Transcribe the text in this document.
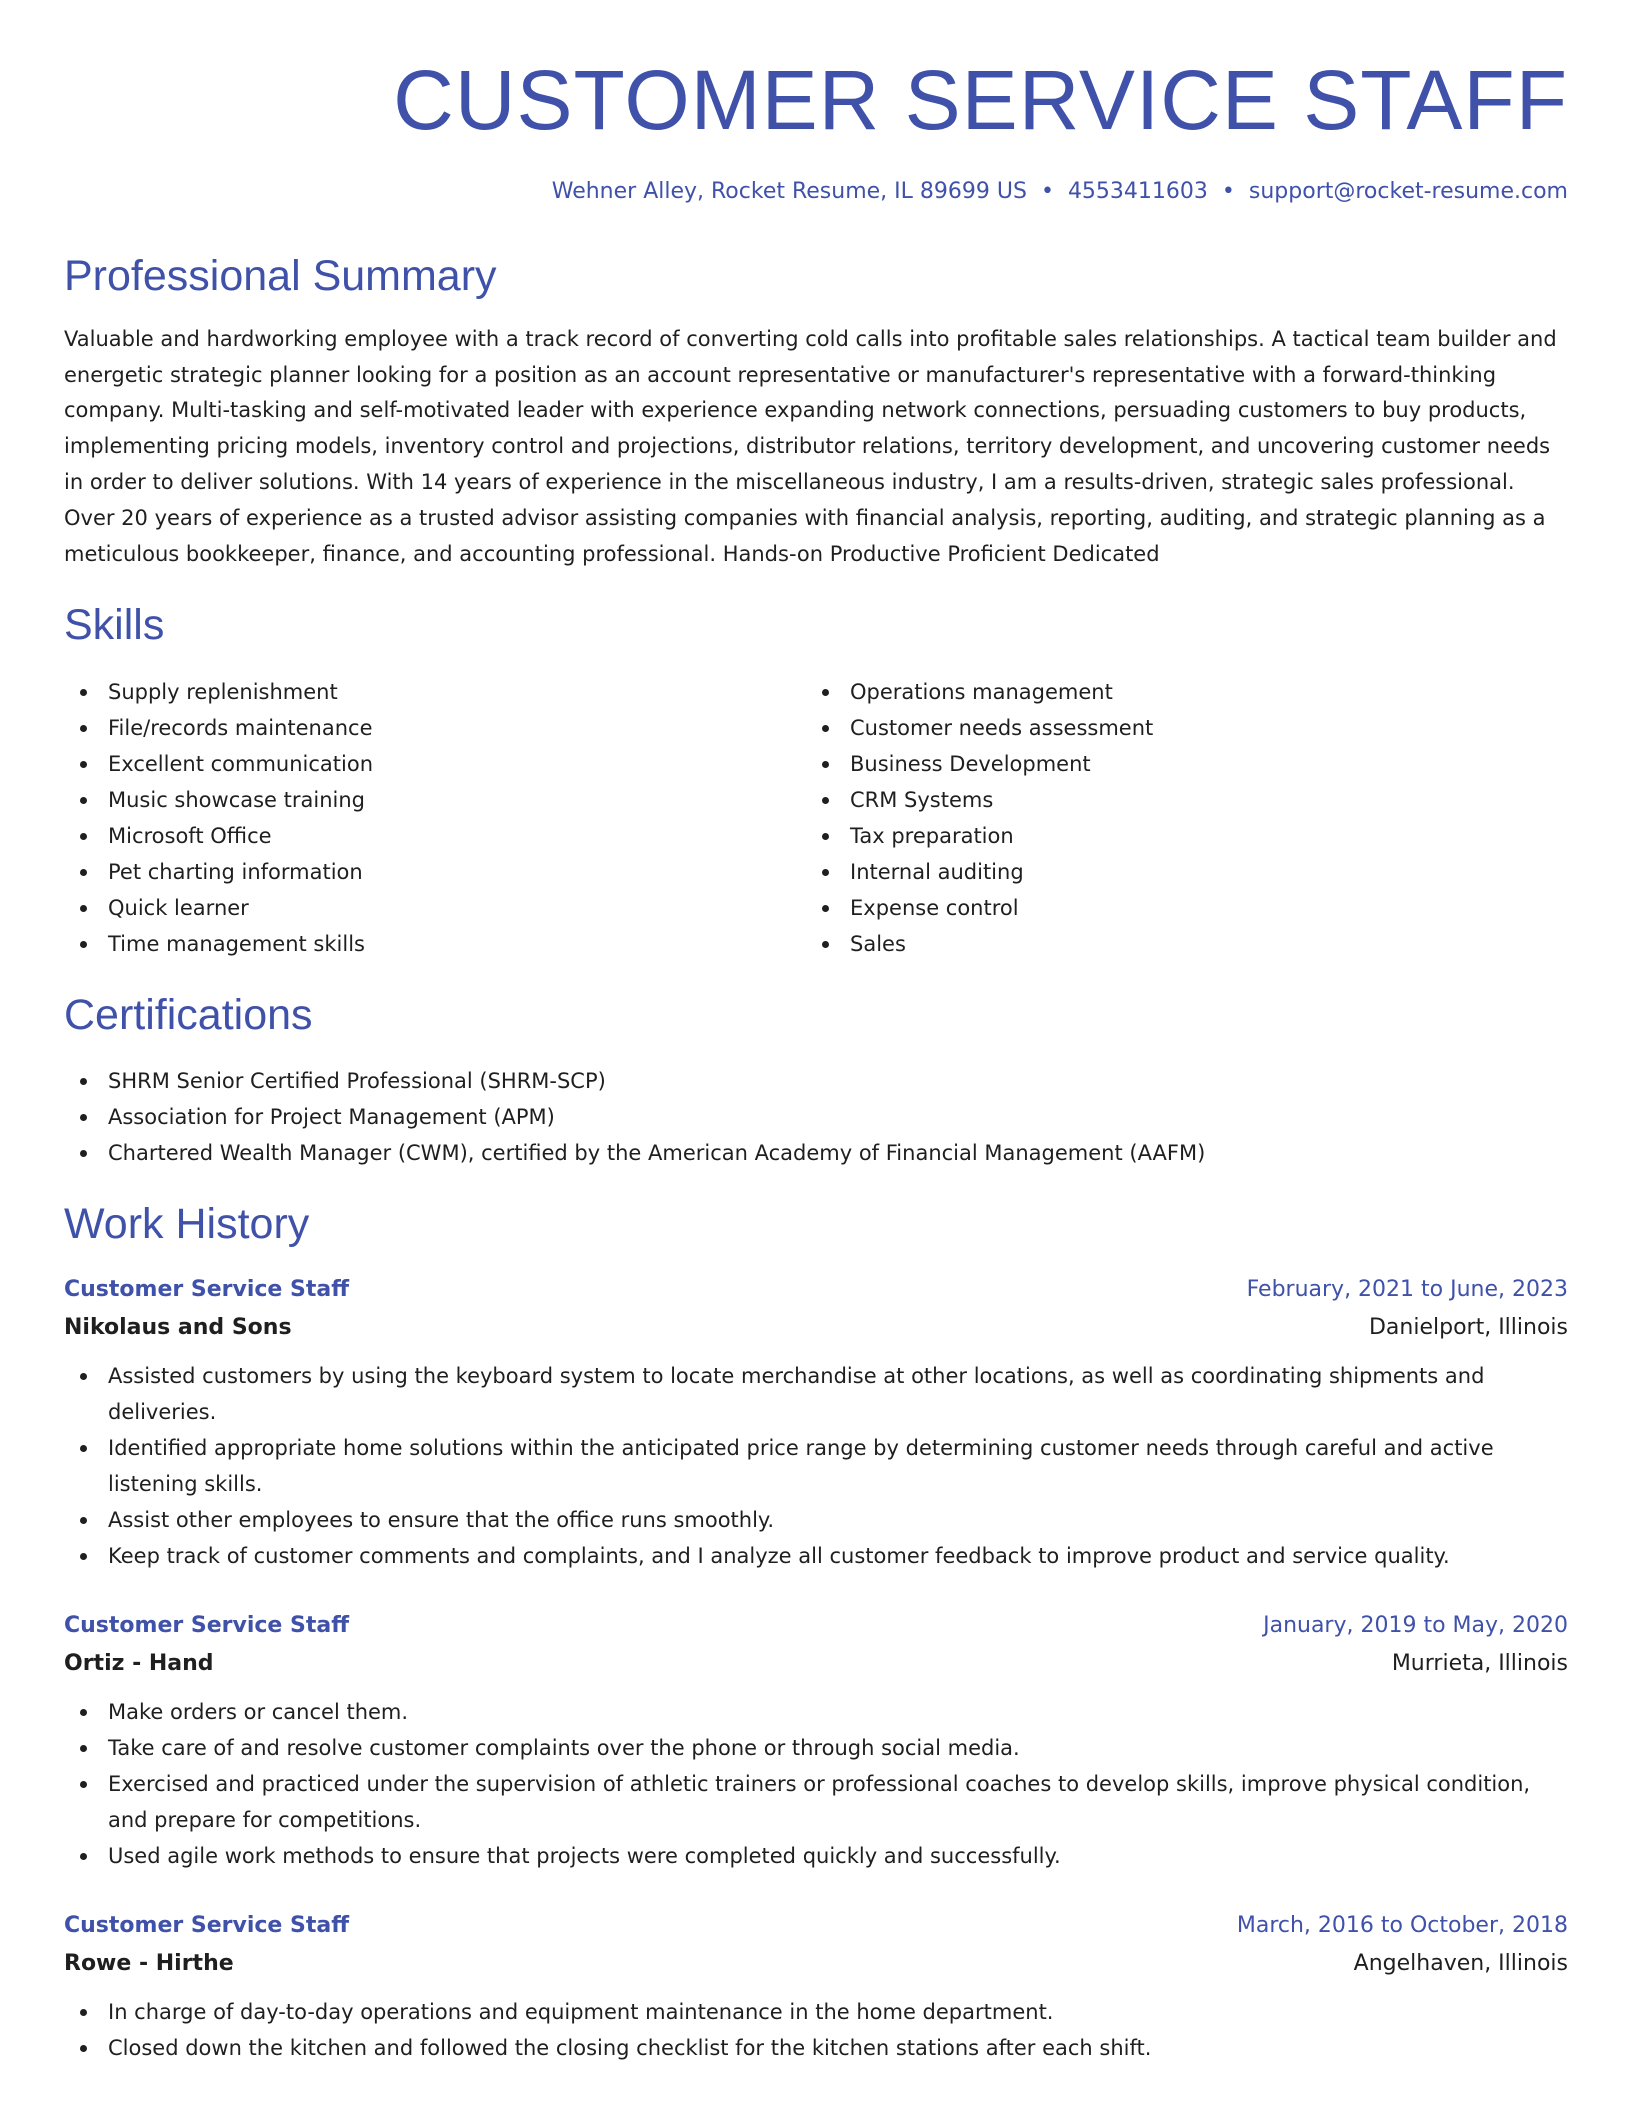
CUSTOMER SERVICE STAFF
Wehner Alley, Rocket Resume, IL 89699 US • 4553411603 • support@rocket-resume.com
Professional Summary

Valuable and hardworking employee with a track record of converting cold calls into profitable sales relationships. A tactical team builder and energetic strategic planner looking for a position as an account representative or manufacturer's representative with a forward-thinking company. Multi-tasking and self-motivated leader with experience expanding network connections, persuading customers to buy products, implementing pricing models, inventory control and projections, distributor relations, territory development, and uncovering customer needs in order to deliver solutions. With 14 years of experience in the miscellaneous industry, I am a results-driven, strategic sales professional. Over 20 years of experience as a trusted advisor assisting companies with financial analysis, reporting, auditing, and strategic planning as a meticulous bookkeeper, finance, and accounting professional. Hands-on Productive Proficient Dedicated

Skills
Supply replenishment
File/records maintenance
Excellent communication
Music showcase training
Microsoft Office
Pet charting information
Quick learner
Time management skills
Operations management
Customer needs assessment
Business Development
CRM Systems
Tax preparation
Internal auditing
Expense control
Sales
Certifications
SHRM Senior Certified Professional (SHRM-SCP)
Association for Project Management (APM)
Chartered Wealth Manager (CWM), certified by the American Academy of Financial Management (AAFM)
Work History
Customer Service Staff	February, 2021 to June, 2023
Nikolaus and Sons	Danielport, Illinois
Assisted customers by using the keyboard system to locate merchandise at other locations, as well as coordinating shipments and deliveries.
Identified appropriate home solutions within the anticipated price range by determining customer needs through careful and active listening skills.
Assist other employees to ensure that the office runs smoothly.
Keep track of customer comments and complaints, and I analyze all customer feedback to improve product and service quality.
Customer Service Staff	January, 2019 to May, 2020
Ortiz - Hand	Murrieta, Illinois
Make orders or cancel them.
Take care of and resolve customer complaints over the phone or through social media.
Exercised and practiced under the supervision of athletic trainers or professional coaches to develop skills, improve physical condition, and prepare for competitions.
Used agile work methods to ensure that projects were completed quickly and successfully.
Customer Service Staff	March, 2016 to October, 2018
Rowe - Hirthe	Angelhaven, Illinois
In charge of day-to-day operations and equipment maintenance in the home department.
Closed down the kitchen and followed the closing checklist for the kitchen stations after each shift.
